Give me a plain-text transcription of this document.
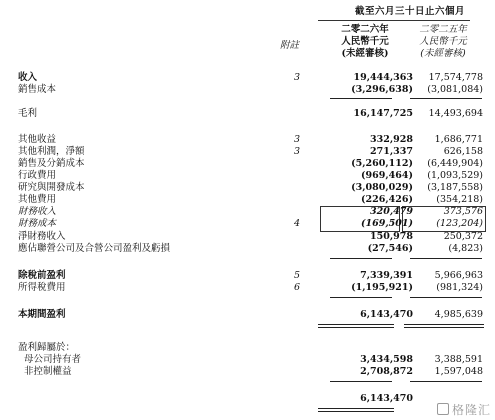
截至六月三十日止六個月
二零二六年
人民幣千元
(未經審核)
二零二五年
人民幣千元
(未經審核)
附註
收入	3	19,444,363 17,574,778
銷售成本	(3,296,638) (3,081,084)
毛利	16,147,725 14,493,694
其他收益	3	332,928 1,686,771
其他利潤，淨額	3	271,337	626,158
銷售及分銷成本	(5,260,112) (6,449,904)
行政費用	(969,464) (1,093,529)
研究與開發成本	(3,080,029) (3,187,558)
其他費用	(226,426) (354,218)
財務收入	320,479	373,576
財務成本	4	(169,501) (123,204)
淨財務收入	150,978	250,372
應佔聯營公司及合營公司盈利及虧損	(27,546)	(4,823)
除稅前盈利	5	7,339,391 5,966,963
所得稅費用	6	(1,195,921) (981,324)
本期間盈利	6,143,470 4,985,639
盈利歸屬於：
母公司持有者	3,434,598 3,388,591
非控制權益	2,708,872 1,597,048
6,143,470
格隆汇
